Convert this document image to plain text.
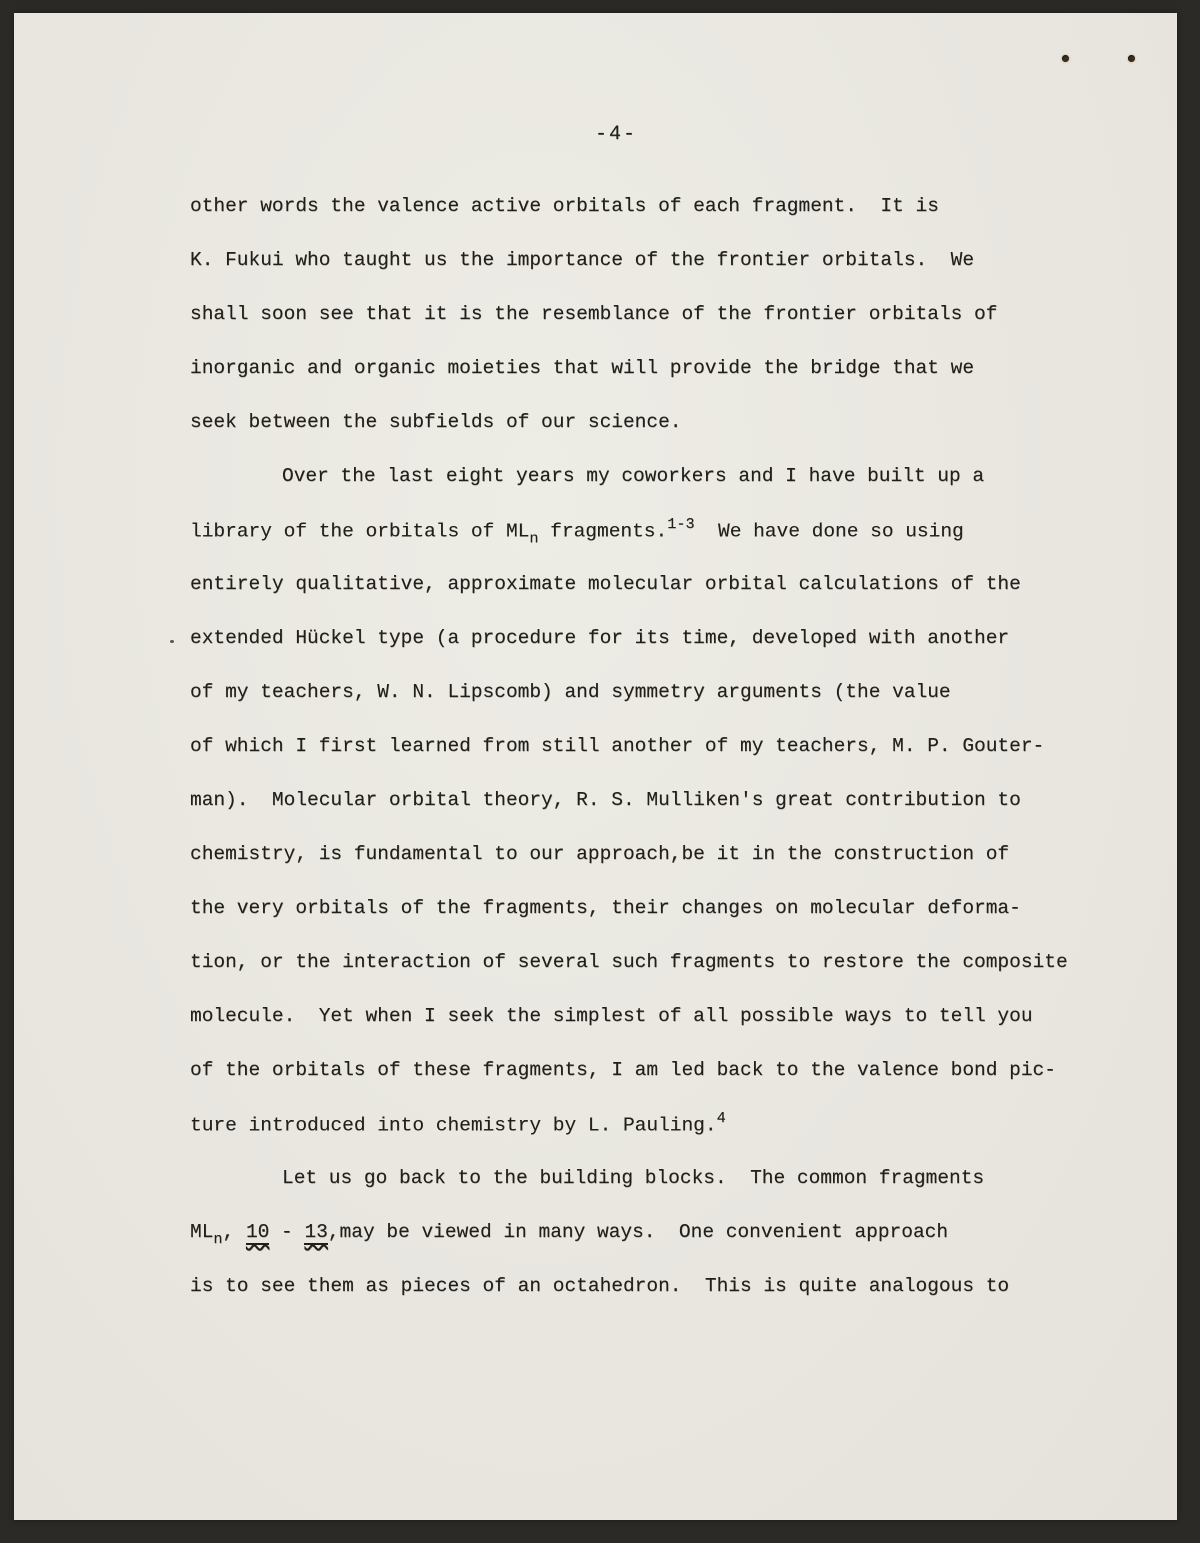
-4-
other words the valence active orbitals of each fragment.  It is
K. Fukui who taught us the importance of the frontier orbitals.  We
shall soon see that it is the resemblance of the frontier orbitals of
inorganic and organic moieties that will provide the bridge that we
seek between the subfields of our science.
Over the last eight years my coworkers and I have built up a
library of the orbitals of $ML_n$ fragments.$^{1-3}$  We have done so using
entirely qualitative, approximate molecular orbital calculations of the
extended Hückel type (a procedure for its time, developed with another
of my teachers, W. N. Lipscomb) and symmetry arguments (the value
of which I first learned from still another of my teachers, M. P. Gouter-
man).  Molecular orbital theory, R. S. Mulliken's great contribution to
chemistry, is fundamental to our approach,be it in the construction of
the very orbitals of the fragments, their changes on molecular deforma-
tion, or the interaction of several such fragments to restore the composite
molecule.  Yet when I seek the simplest of all possible ways to tell you
of the orbitals of these fragments, I am led back to the valence bond pic-
ture introduced into chemistry by L. Pauling.$^4$
Let us go back to the building blocks.  The common fragments
$ML_n$, 10 - 13,may be viewed in many ways.  One convenient approach
is to see them as pieces of an octahedron.  This is quite analogous to
